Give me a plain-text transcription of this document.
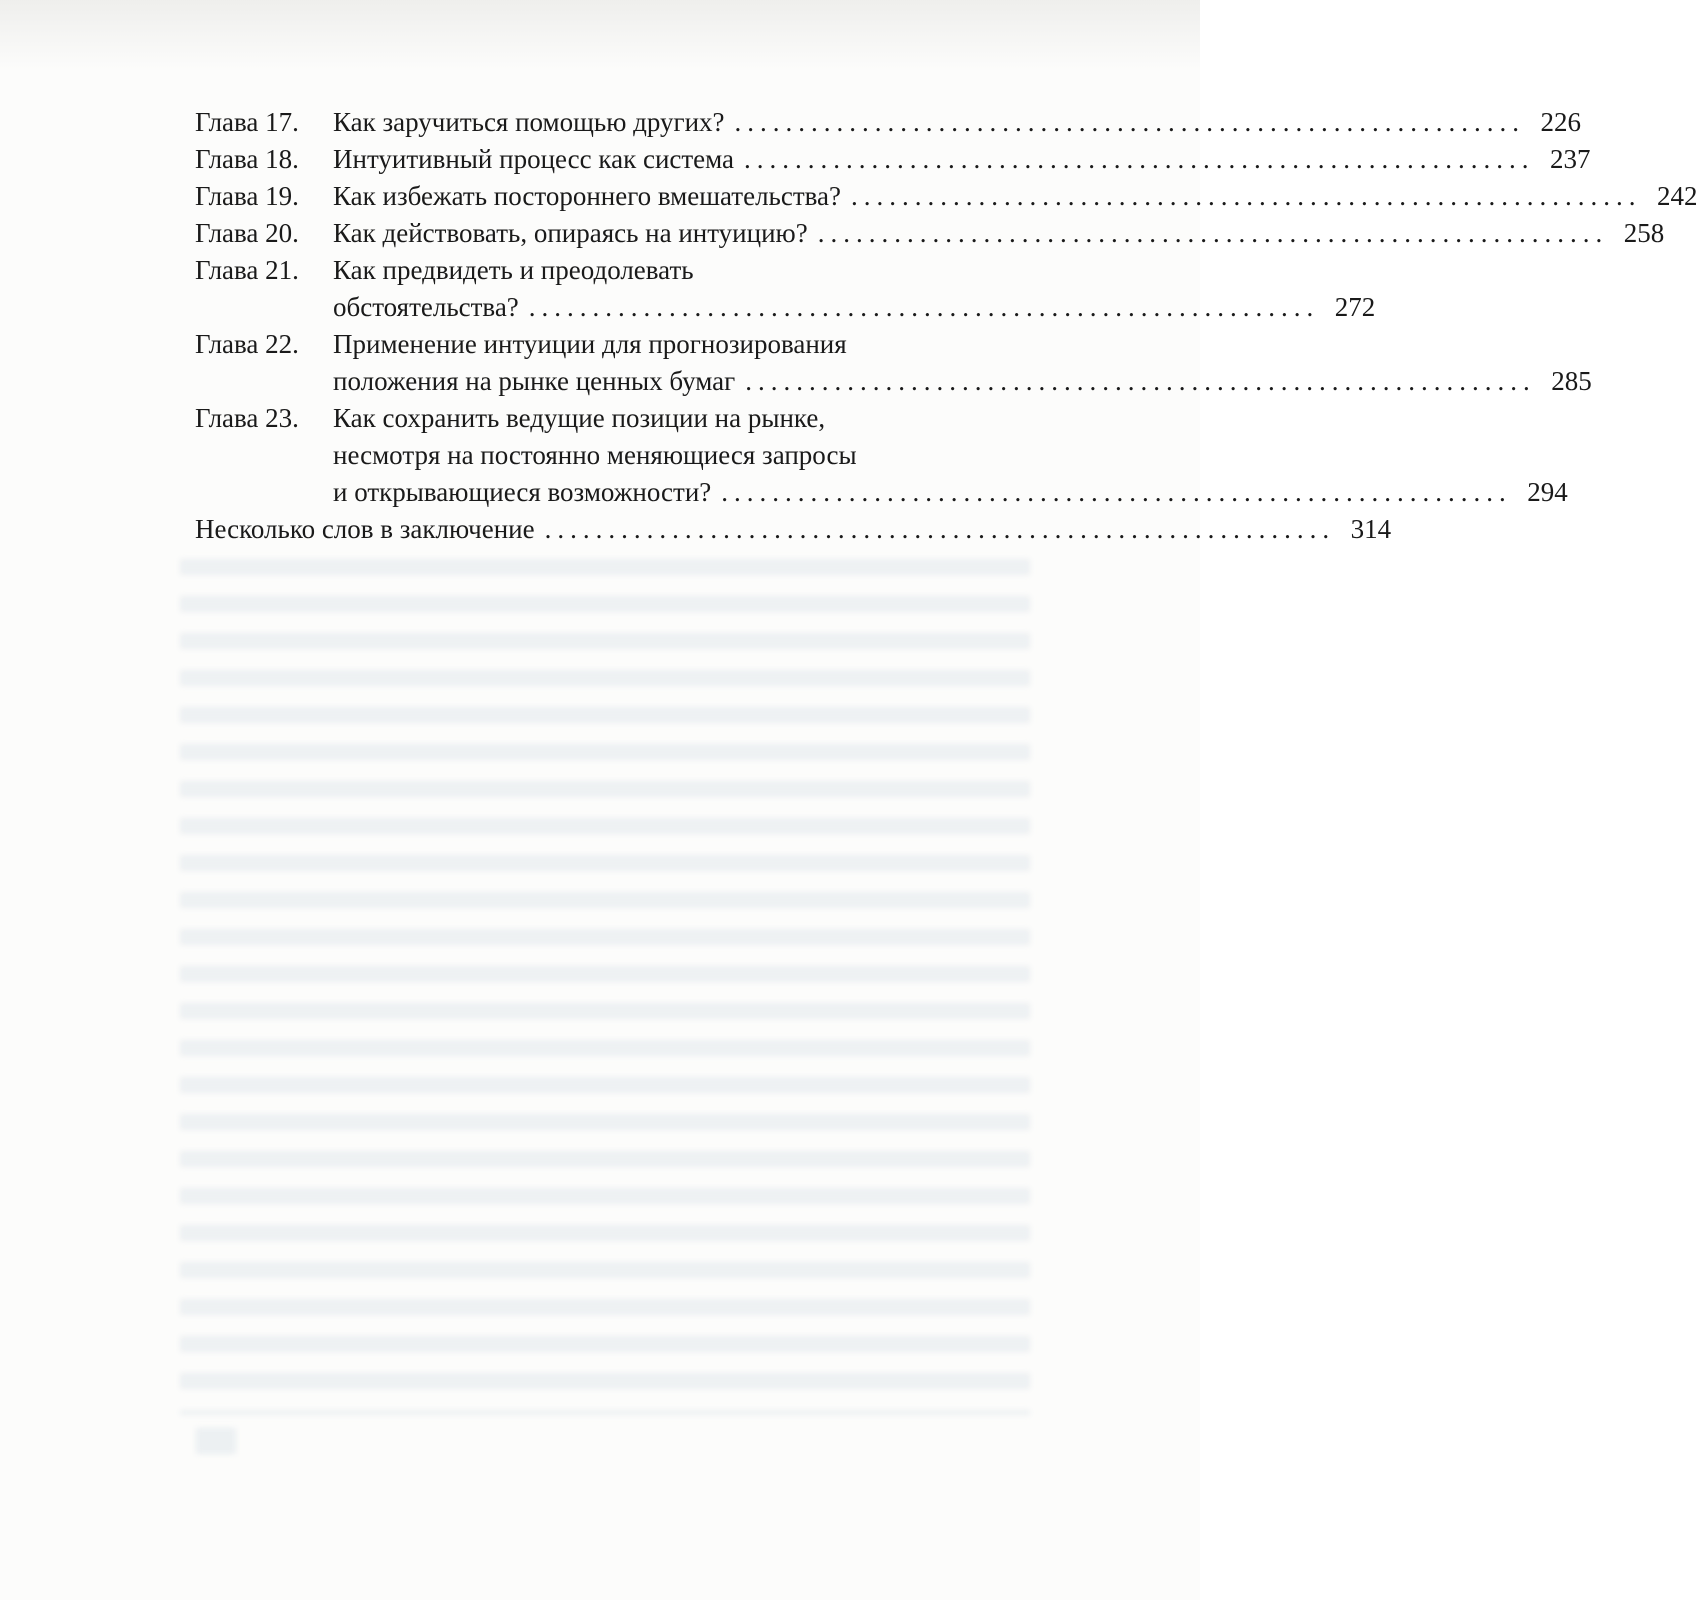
Глава 17.	Как заручиться помощью других? .............................................................. 226
Глава 18.	Интуитивный процесс как система .............................................................. 237
Глава 19.	Как избежать постороннего вмешательства? .............................................................. 242
Глава 20.	Как действовать, опираясь на интуицию? .............................................................. 258
Глава 21.	Как предвидеть и преодолевать
обстоятельства? .............................................................. 272
Глава 22.	Применение интуиции для прогнозирования
положения на рынке ценных бумаг .............................................................. 285
Глава 23.	Как сохранить ведущие позиции на рынке,
несмотря на постоянно меняющиеся запросы
и открывающиеся возможности? .............................................................. 294
Несколько слов в заключение .............................................................. 314
